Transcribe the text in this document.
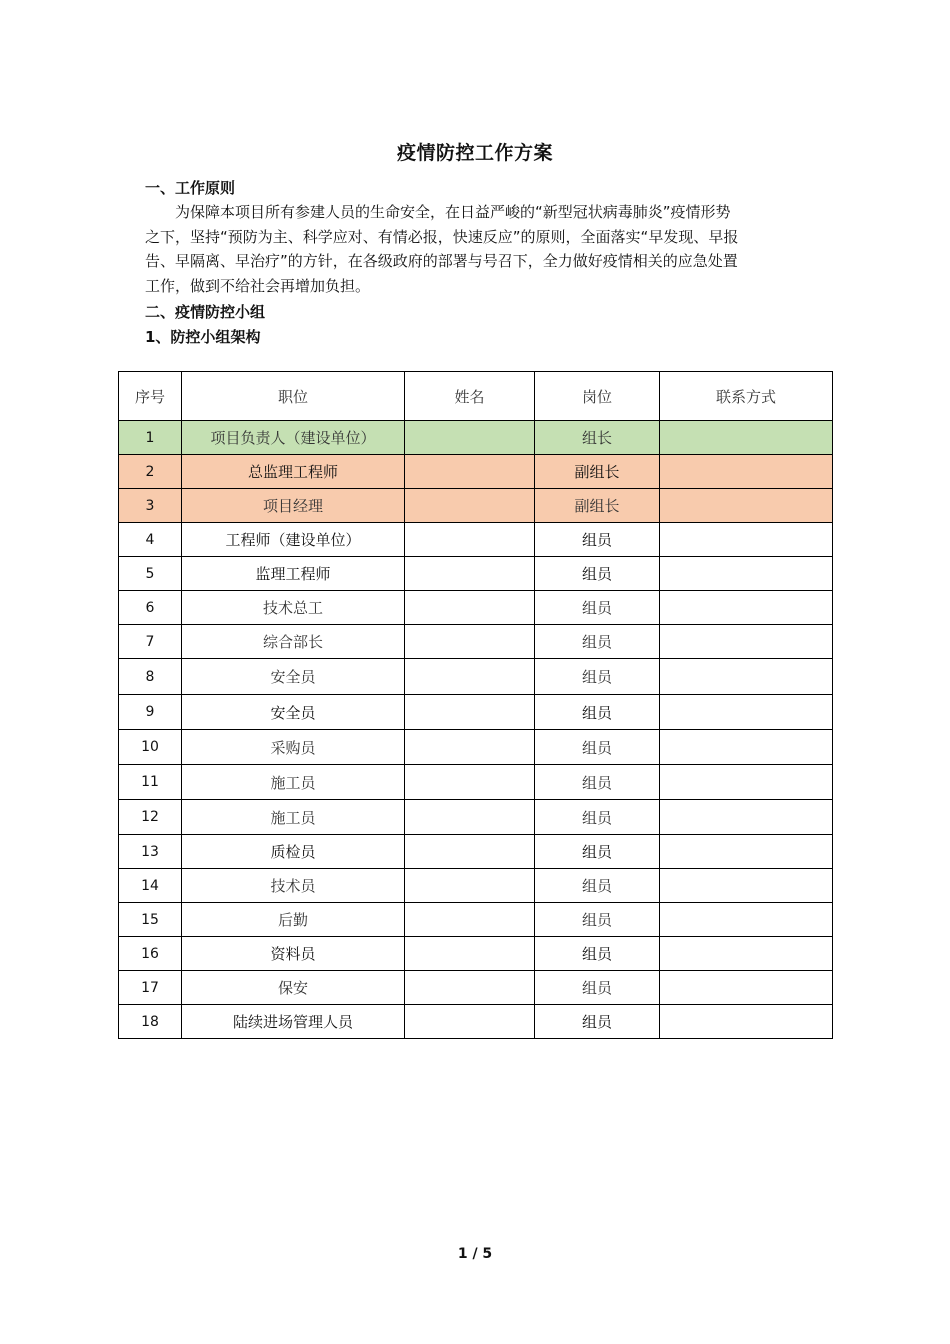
疫情防控工作方案
一、工作原则
　　为保障本项目所有参建人员的生命安全，在日益严峻的“新型冠状病毒肺炎”疫情形势
之下，坚持“预防为主、科学应对、有情必报，快速反应”的原则，全面落实“早发现、早报
告、早隔离、早治疗”的方针，在各级政府的部署与号召下，全力做好疫情相关的应急处置
工作，做到不给社会再增加负担。
二、疫情防控小组
1、防控小组架构
序号	职位	姓名	岗位	联系方式
1	项目负责人（建设单位）		组长	
2	总监理工程师		副组长	
3	项目经理		副组长	
4	工程师（建设单位）		组员	
5	监理工程师		组员	
6	技术总工		组员	
7	综合部长		组员	
8	安全员		组员	
9	安全员		组员	
10	采购员		组员	
11	施工员		组员	
12	施工员		组员	
13	质检员		组员	
14	技术员		组员	
15	后勤		组员	
16	资料员		组员	
17	保安		组员	
18	陆续进场管理人员		组员	
1 / 5
